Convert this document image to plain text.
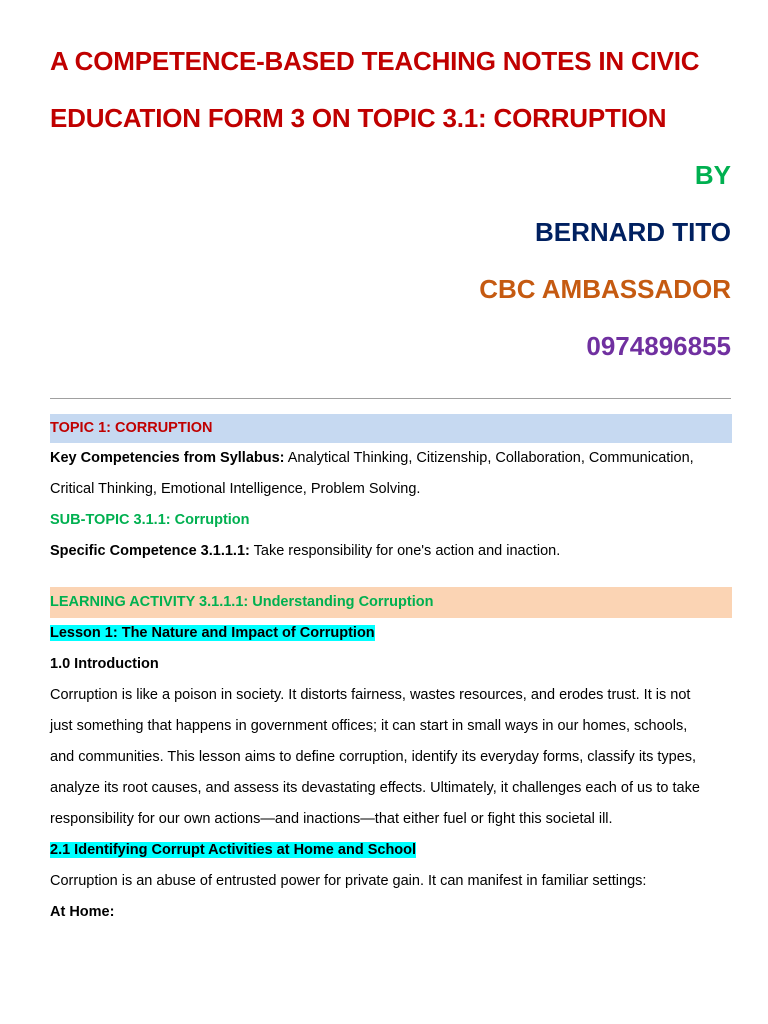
A COMPETENCE-BASED TEACHING NOTES IN CIVIC
EDUCATION FORM 3 ON TOPIC 3.1: CORRUPTION
BY
BERNARD TITO
CBC AMBASSADOR
0974896855
TOPIC 1: CORRUPTION
Key Competencies from Syllabus: Analytical Thinking, Citizenship, Collaboration, Communication,
Critical Thinking, Emotional Intelligence, Problem Solving.
SUB-TOPIC 3.1.1: Corruption
Specific Competence 3.1.1.1: Take responsibility for one's action and inaction.
LEARNING ACTIVITY 3.1.1.1: Understanding Corruption
Lesson 1: The Nature and Impact of Corruption
1.0 Introduction
Corruption is like a poison in society. It distorts fairness, wastes resources, and erodes trust. It is not
just something that happens in government offices; it can start in small ways in our homes, schools,
and communities. This lesson aims to define corruption, identify its everyday forms, classify its types,
analyze its root causes, and assess its devastating effects. Ultimately, it challenges each of us to take
responsibility for our own actions—and inactions—that either fuel or fight this societal ill.
2.1 Identifying Corrupt Activities at Home and School
Corruption is an abuse of entrusted power for private gain. It can manifest in familiar settings:
At Home:
